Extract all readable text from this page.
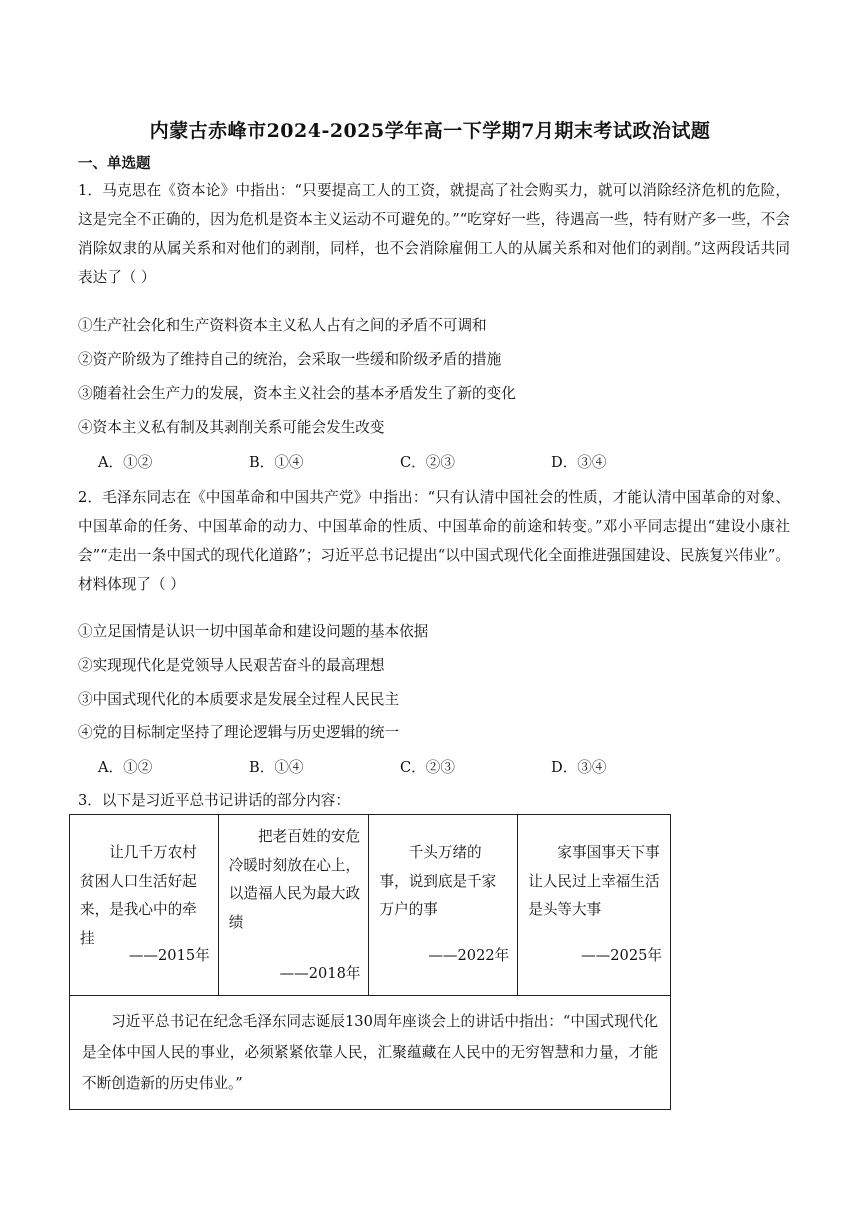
内蒙古赤峰市2024-2025学年高一下学期7月期末考试政治试题
一、单选题
1．马克思在《资本论》中指出：“只要提高工人的工资，就提高了社会购买力，就可以消除经济危机的危险，这是完全不正确的，因为危机是资本主义运动不可避免的。”“吃穿好一些，待遇高一些，特有财产多一些，不会消除奴隶的从属关系和对他们的剥削，同样，也不会消除雇佣工人的从属关系和对他们的剥削。”这两段话共同表达了（ ）
①生产社会化和生产资料资本主义私人占有之间的矛盾不可调和
②资产阶级为了维持自己的统治，会采取一些缓和阶级矛盾的措施
③随着社会生产力的发展，资本主义社会的基本矛盾发生了新的变化
④资本主义私有制及其剥削关系可能会发生改变
A．①②	B．①④	C．②③	D．③④
2．毛泽东同志在《中国革命和中国共产党》中指出：“只有认清中国社会的性质，才能认清中国革命的对象、中国革命的任务、中国革命的动力、中国革命的性质、中国革命的前途和转变。”邓小平同志提出“建设小康社会”“走出一条中国式的现代化道路”；习近平总书记提出“以中国式现代化全面推进强国建设、民族复兴伟业”。材料体现了（ ）
①立足国情是认识一切中国革命和建设问题的基本依据
②实现现代化是党领导人民艰苦奋斗的最高理想
③中国式现代化的本质要求是发展全过程人民民主
④党的目标制定坚持了理论逻辑与历史逻辑的统一
A．①②	B．①④	C．②③	D．③④
3．以下是习近平总书记讲话的部分内容：
让几千万农村贫困人口生活好起来，是我心中的牵挂
——2015年

把老百姓的安危冷暖时刻放在心上，以造福人民为最大政绩
——2018年

千头万绪的事，说到底是千家万户的事
——2022年

家事国事天下事让人民过上幸福生活是头等大事
——2025年

习近平总书记在纪念毛泽东同志诞辰130周年座谈会上的讲话中指出：“中国式现代化是全体中国人民的事业，必须紧紧依靠人民，汇聚蕴藏在人民中的无穷智慧和力量，才能不断创造新的历史伟业。”
